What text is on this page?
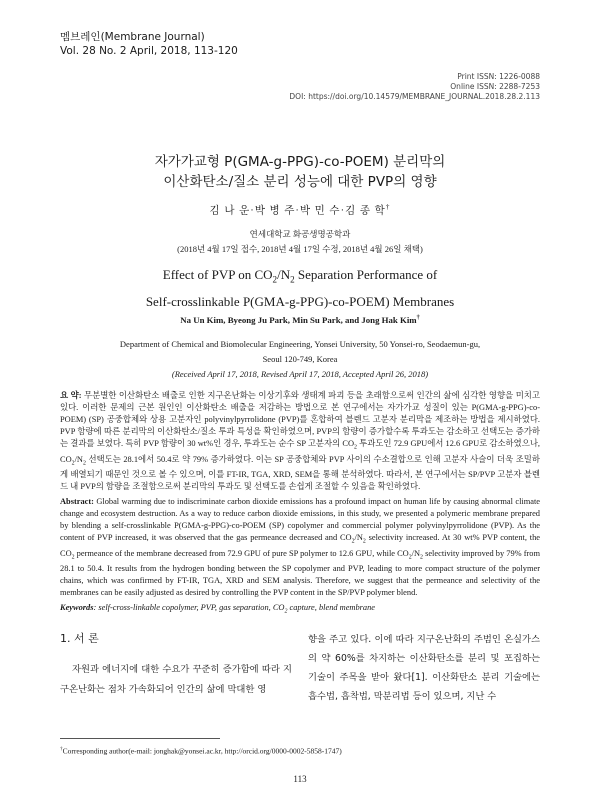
멤브레인(Membrane Journal)
Vol. 28 No. 2 April, 2018, 113-120
Print ISSN: 1226-0088
Online ISSN: 2288-7253
DOI: https://doi.org/10.14579/MEMBRANE_JOURNAL.2018.28.2.113
자가가교형 P(GMA-g-PPG)-co-POEM) 분리막의
이산화탄소/질소 분리 성능에 대한 PVP의 영향
김 나 운·박 병 주·박 민 수·김 종 학†
연세대학교 화공생명공학과
(2018년 4월 17일 접수, 2018년 4월 17일 수정, 2018년 4월 26일 채택)
Effect of PVP on $CO_2/N_2$ Separation Performance of
Self-crosslinkable P(GMA-g-PPG)-co-POEM) Membranes
Na Un Kim, Byeong Ju Park, Min Su Park, and Jong Hak Kim†
Department of Chemical and Biomolecular Engineering, Yonsei University, 50 Yonsei-ro, Seodaemun-gu,
Seoul 120-749, Korea
(Received April 17, 2018, Revised April 17, 2018, Accepted April 26, 2018)
요 약: 무분별한 이산화탄소 배출로 인한 지구온난화는 이상기후와 생태계 파괴 등을 초래함으로써 인간의 삶에 심각한 영향을 미치고 있다. 이러한 문제의 근본 원인인 이산화탄소 배출을 저감하는 방법으로 본 연구에서는 자가가교 성질이 있는 P(GMA-g-PPG)-co-POEM) (SP) 공중합체와 상용 고분자인 polyvinylpyrrolidone (PVP)를 혼합하여 블렌드 고분자 분리막을 제조하는 방법을 제시하였다. PVP 함량에 따른 분리막의 이산화탄소/질소 투과 특성을 확인하였으며, PVP의 함량이 증가할수록 투과도는 감소하고 선택도는 증가하는 결과를 보였다. 특히 PVP 함량이 30 wt%인 경우, 투과도는 순수 SP 고분자의 $CO_2$ 투과도인 72.9 GPU에서 12.6 GPU로 감소하였으나, $CO_2/N_2$ 선택도는 28.1에서 50.4로 약 79% 증가하였다. 이는 SP 공중합체와 PVP 사이의 수소결합으로 인해 고분자 사슬이 더욱 조밀하게 배열되기 때문인 것으로 볼 수 있으며, 이를 FT-IR, TGA, XRD, SEM을 통해 분석하였다. 따라서, 본 연구에서는 SP/PVP 고분자 블렌드 내 PVP의 함량을 조절함으로써 분리막의 투과도 및 선택도를 손쉽게 조절할 수 있음을 확인하였다.
Abstract: Global warming due to indiscriminate carbon dioxide emissions has a profound impact on human life by causing abnormal climate change and ecosystem destruction. As a way to reduce carbon dioxide emissions, in this study, we presented a polymeric membrane prepared by blending a self-crosslinkable P(GMA-g-PPG)-co-POEM (SP) copolymer and commercial polymer polyvinylpyrrolidone (PVP). As the content of PVP increased, it was observed that the gas permeance decreased and $CO_2/N_2$ selectivity increased. At 30 wt% PVP content, the $CO_2$ permeance of the membrane decreased from 72.9 GPU of pure SP polymer to 12.6 GPU, while $CO_2/N_2$ selectivity improved by 79% from 28.1 to 50.4. It results from the hydrogen bonding between the SP copolymer and PVP, leading to more compact structure of the polymer chains, which was confirmed by FT-IR, TGA, XRD and SEM analysis. Therefore, we suggest that the permeance and selectivity of the membranes can be easily adjusted as desired by controlling the PVP content in the SP/PVP polymer blend.
Keywords: self-cross-linkable copolymer, PVP, gas separation, $CO_2$ capture, blend membrane
1. 서 론
자원과 에너지에 대한 수요가 꾸준히 증가함에 따라 지구온난화는 점차 가속화되어 인간의 삶에 막대한 영
향을 주고 있다. 이에 따라 지구온난화의 주범인 온실가스의 약 60%를 차지하는 이산화탄소를 분리 및 포집하는 기술이 주목을 받아 왔다[1]. 이산화탄소 분리 기술에는 흡수법, 흡착법, 막분리법 등이 있으며, 지난 수
†Corresponding author(e-mail: jonghak@yonsei.ac.kr, http://orcid.org/0000-0002-5858-1747)
113
